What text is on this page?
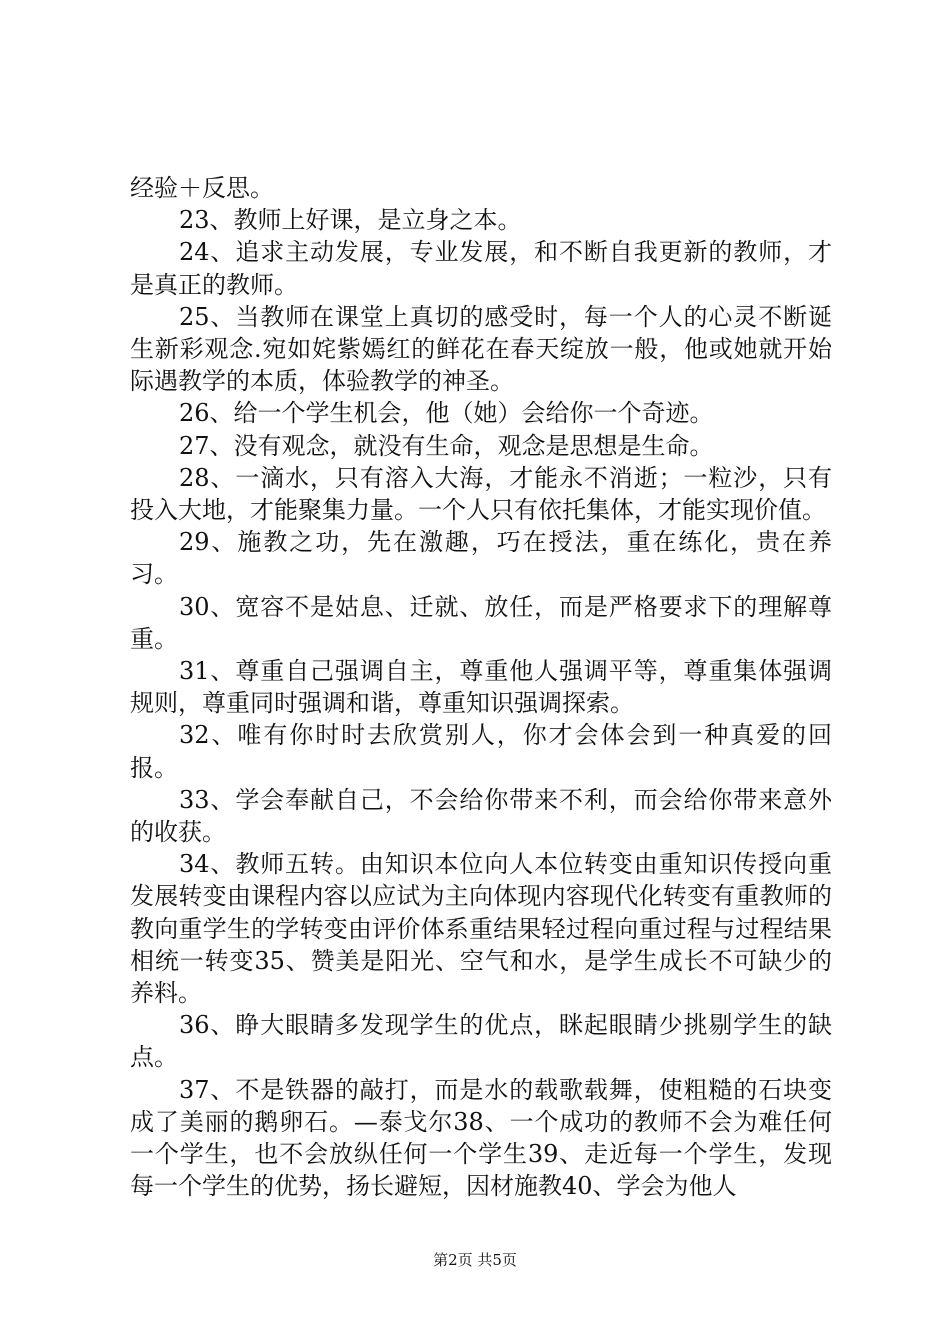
经验＋反思。

23、教师上好课，是立身之本。

24、追求主动发展，专业发展，和不断自我更新的教师，才是真正的教师。

25、当教师在课堂上真切的感受时，每一个人的心灵不断诞生新彩观念.宛如姹紫嫣红的鲜花在春天绽放一般，他或她就开始际遇教学的本质，体验教学的神圣。

26、给一个学生机会，他（她）会给你一个奇迹。

27、没有观念，就没有生命，观念是思想是生命。

28、一滴水，只有溶入大海，才能永不消逝；一粒沙，只有投入大地，才能聚集力量。一个人只有依托集体，才能实现价值。

29、施教之功，先在激趣，巧在授法，重在练化，贵在养习。

30、宽容不是姑息、迁就、放任，而是严格要求下的理解尊重。

31、尊重自己强调自主，尊重他人强调平等，尊重集体强调规则，尊重同时强调和谐，尊重知识强调探索。

32、唯有你时时去欣赏别人，你才会体会到一种真爱的回报。

33、学会奉献自己，不会给你带来不利，而会给你带来意外的收获。

34、教师五转。由知识本位向人本位转变由重知识传授向重发展转变由课程内容以应试为主向体现内容现代化转变有重教师的教向重学生的学转变由评价体系重结果轻过程向重过程与过程结果相统一转变35、赞美是阳光、空气和水，是学生成长不可缺少的养料。

36、睁大眼睛多发现学生的优点，眯起眼睛少挑剔学生的缺点。

37、不是铁器的敲打，而是水的载歌载舞，使粗糙的石块变成了美丽的鹅卵石。—泰戈尔38、一个成功的教师不会为难任何一个学生，也不会放纵任何一个学生39、走近每一个学生，发现每一个学生的优势，扬长避短，因材施教40、学会为他人

第2页 共5页
